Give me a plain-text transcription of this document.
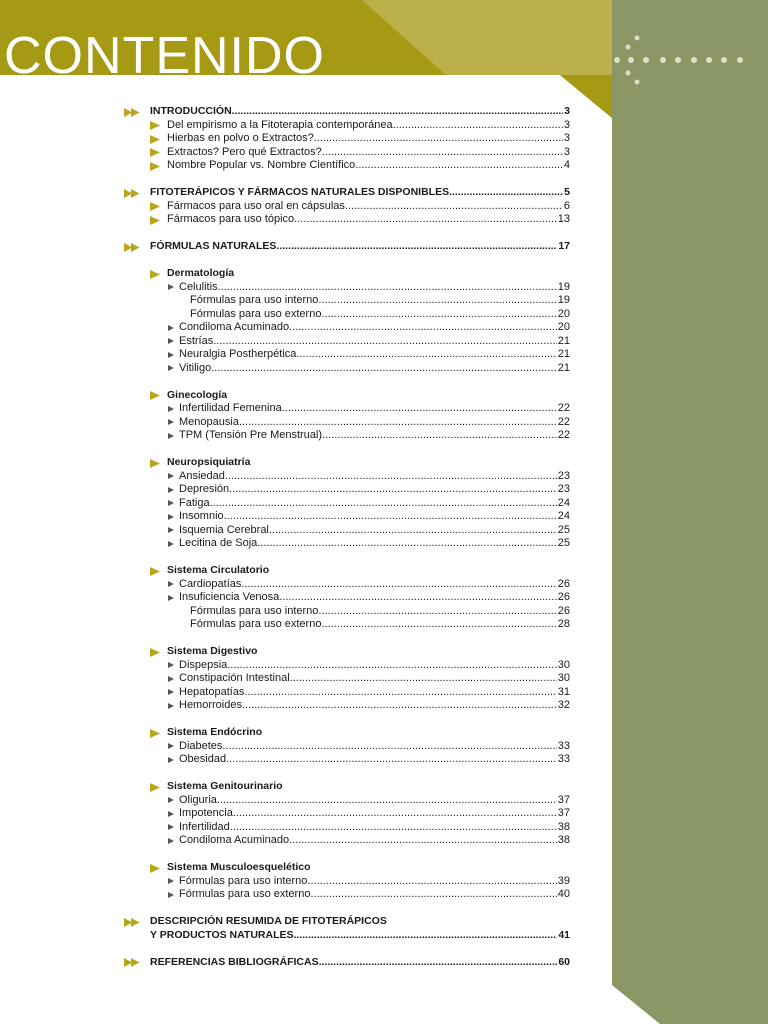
CONTENIDO
INTRODUCCIÓN .....	3
Del empirismo a la Fitoterapia contemporánea .....	3
Hierbas en polvo o Extractos? .....	3
Extractos? Pero qué Extractos? .....	3
Nombre Popular vs. Nombre Científico .....	4
FITOTERÁPICOS Y FÁRMACOS NATURALES DISPONIBLES .....	5
Fármacos para uso oral en cápsulas .....	6
Fármacos para uso tópico .....	13
FÓRMULAS NATURALES .....	17
Dermatología
Celulitis .....	19
Fórmulas para uso interno .....	19
Fórmulas para uso externo .....	20
Condiloma Acuminado .....	20
Estrías .....	21
Neuralgia Postherpética .....	21
Vitiligo .....	21
Ginecología
Infertilidad Femenina .....	22
Menopausia .....	22
TPM (Tensión Pre Menstrual) .....	22
Neuropsiquiatría
Ansiedad .....	23
Depresión .....	23
Fatiga .....	24
Insomnio .....	24
Isquemia Cerebral .....	25
Lecitina de Soja .....	25
Sistema Circulatorio
Cardiopatías .....	26
Insuficiencia Venosa .....	26
Fórmulas para uso interno .....	26
Fórmulas para uso externo .....	28
Sistema Digestivo
Dispepsia .....	30
Constipación Intestinal .....	30
Hepatopatías .....	31
Hemorroides .....	32
Sistema Endócrino
Diabetes .....	33
Obesidad .....	33
Sistema Genitourinario
Oliguria .....	37
Impotencia .....	37
Infertilidad .....	38
Condiloma Acuminado .....	38
Sistema Musculoesquelético
Fórmulas para uso interno .....	39
Fórmulas para uso externo .....	40
DESCRIPCIÓN RESUMIDA DE FITOTERÁPICOS
Y PRODUCTOS NATURALES .....	41
REFERENCIAS BIBLIOGRÁFICAS .....	60
